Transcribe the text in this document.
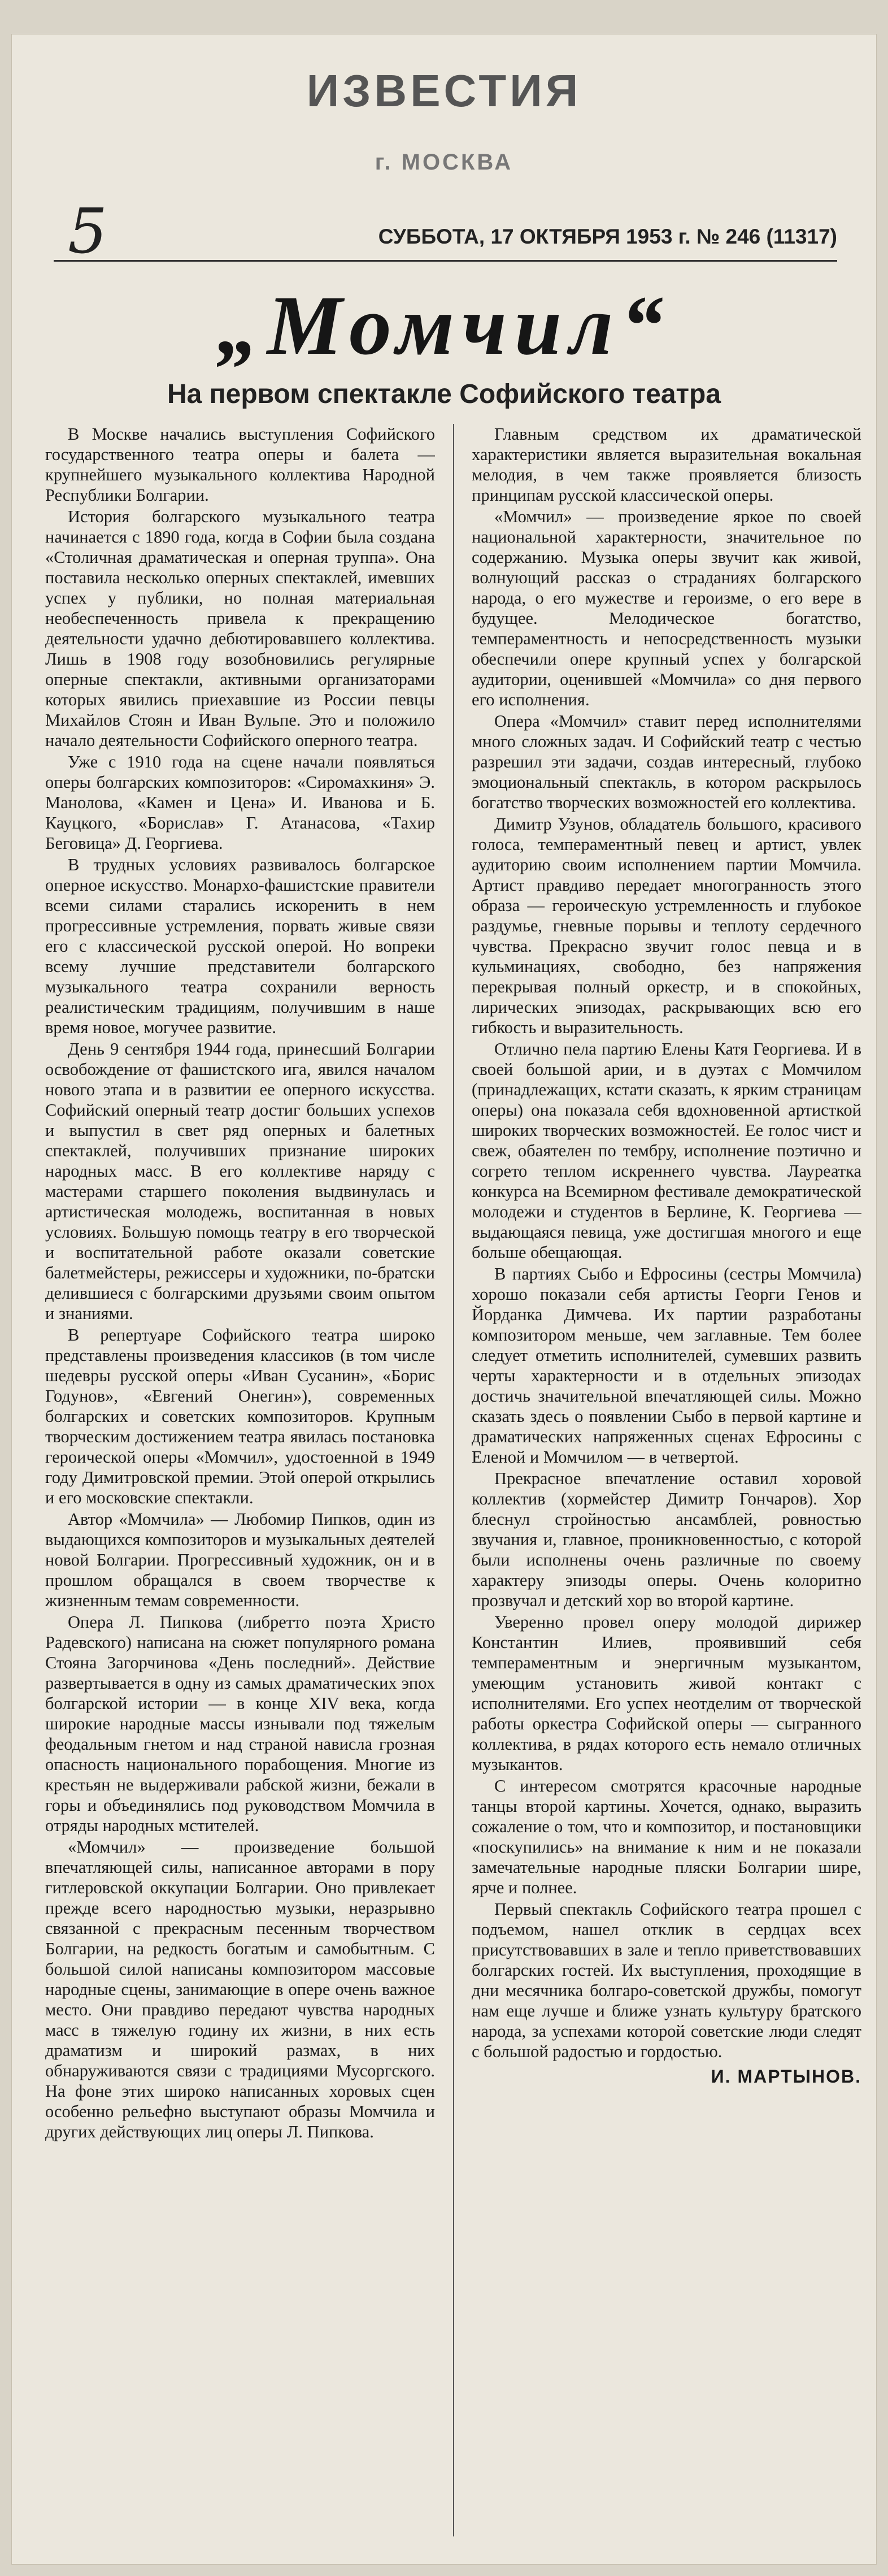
ИЗВЕСТИЯ
г. МОСКВА
5	СУББОТА, 17 ОКТЯБРЯ 1953 г. № 246 (11317)
„Момчил“
На первом спектакле Софийского театра

В Москве начались выступления Софийского государственного театра оперы и балета — крупнейшего музыкального коллектива Народной Республики Болгарии.

История болгарского музыкального театра начинается с 1890 года, когда в Софии была создана «Столичная драматическая и оперная труппа». Она поставила несколько оперных спектаклей, имевших успех у публики, но полная материальная необеспеченность привела к прекращению деятельности удачно дебютировавшего коллектива. Лишь в 1908 году возобновились регулярные оперные спектакли, активными организаторами которых явились приехавшие из России певцы Михайлов Стоян и Иван Вульпе. Это и положило начало деятельности Софийского оперного театра.

Уже с 1910 года на сцене начали появляться оперы болгарских композиторов: «Сиромахкиня» Э. Манолова, «Камен и Цена» И. Иванова и Б. Кауцкого, «Борислав» Г. Атанасова, «Тахир Беговица» Д. Георгиева.

В трудных условиях развивалось болгарское оперное искусство. Монархо-фашистские правители всеми силами старались искоренить в нем прогрессивные устремления, порвать живые связи его с классической русской оперой. Но вопреки всему лучшие представители болгарского музыкального театра сохранили верность реалистическим традициям, получившим в наше время новое, могучее развитие.

День 9 сентября 1944 года, принесший Болгарии освобождение от фашистского ига, явился началом нового этапа и в развитии ее оперного искусства. Софийский оперный театр достиг больших успехов и выпустил в свет ряд оперных и балетных спектаклей, получивших признание широких народных масс. В его коллективе наряду с мастерами старшего поколения выдвинулась и артистическая молодежь, воспитанная в новых условиях. Большую помощь театру в его творческой и воспитательной работе оказали советские балетмейстеры, режиссеры и художники, по-братски делившиеся с болгарскими друзьями своим опытом и знаниями.

В репертуаре Софийского театра широко представлены произведения классиков (в том числе шедевры русской оперы «Иван Сусанин», «Борис Годунов», «Евгений Онегин»), современных болгарских и советских композиторов. Крупным творческим достижением театра явилась постановка героической оперы «Момчил», удостоенной в 1949 году Димитровской премии. Этой оперой открылись и его московские спектакли.

Автор «Момчила» — Любомир Пипков, один из выдающихся композиторов и музыкальных деятелей новой Болгарии. Прогрессивный художник, он и в прошлом обращался в своем творчестве к жизненным темам современности.

Опера Л. Пипкова (либретто поэта Христо Радевского) написана на сюжет популярного романа Стояна Загорчинова «День последний». Действие развертывается в одну из самых драматических эпох болгарской истории — в конце XIV века, когда широкие народные массы изнывали под тяжелым феодальным гнетом и над страной нависла грозная опасность национального порабощения. Многие из крестьян не выдерживали рабской жизни, бежали в горы и объединялись под руководством Момчила в отряды народных мстителей.

«Момчил» — произведение большой впечатляющей силы, написанное авторами в пору гитлеровской оккупации Болгарии. Оно привлекает прежде всего народностью музыки, неразрывно связанной с прекрасным песенным творчеством Болгарии, на редкость богатым и самобытным. С большой силой написаны композитором массовые народные сцены, занимающие в опере очень важное место. Они правдиво передают чувства народных масс в тяжелую годину их жизни, в них есть драматизм и широкий размах, в них обнаруживаются связи с традициями Мусоргского. На фоне этих широко написанных хоровых сцен особенно рельефно выступают образы Момчила и других действующих лиц оперы Л. Пипкова.

Главным средством их драматической характеристики является выразительная вокальная мелодия, в чем также проявляется близость принципам русской классической оперы.

«Момчил» — произведение яркое по своей национальной характерности, значительное по содержанию. Музыка оперы звучит как живой, волнующий рассказ о страданиях болгарского народа, о его мужестве и героизме, о его вере в будущее. Мелодическое богатство, темпераментность и непосредственность музыки обеспечили опере крупный успех у болгарской аудитории, оценившей «Момчила» со дня первого его исполнения.

Опера «Момчил» ставит перед исполнителями много сложных задач. И Софийский театр с честью разрешил эти задачи, создав интересный, глубоко эмоциональный спектакль, в котором раскрылось богатство творческих возможностей его коллектива.

Димитр Узунов, обладатель большого, красивого голоса, темпераментный певец и артист, увлек аудиторию своим исполнением партии Момчила. Артист правдиво передает многогранность этого образа — героическую устремленность и глубокое раздумье, гневные порывы и теплоту сердечного чувства. Прекрасно звучит голос певца и в кульминациях, свободно, без напряжения перекрывая полный оркестр, и в спокойных, лирических эпизодах, раскрывающих всю его гибкость и выразительность.

Отлично пела партию Елены Катя Георгиева. И в своей большой арии, и в дуэтах с Момчилом (принадлежащих, кстати сказать, к ярким страницам оперы) она показала себя вдохновенной артисткой широких творческих возможностей. Ее голос чист и свеж, обаятелен по тембру, исполнение поэтично и согрето теплом искреннего чувства. Лауреатка конкурса на Всемирном фестивале демократической молодежи и студентов в Берлине, К. Георгиева — выдающаяся певица, уже достигшая многого и еще больше обещающая.

В партиях Сыбо и Ефросины (сестры Момчила) хорошо показали себя артисты Георги Генов и Йорданка Димчева. Их партии разработаны композитором меньше, чем заглавные. Тем более следует отметить исполнителей, сумевших развить черты характерности и в отдельных эпизодах достичь значительной впечатляющей силы. Можно сказать здесь о появлении Сыбо в первой картине и драматических напряженных сценах Ефросины с Еленой и Момчилом — в четвертой.

Прекрасное впечатление оставил хоровой коллектив (хормейстер Димитр Гончаров). Хор блеснул стройностью ансамблей, ровностью звучания и, главное, проникновенностью, с которой были исполнены очень различные по своему характеру эпизоды оперы. Очень колоритно прозвучал и детский хор во второй картине.

Уверенно провел оперу молодой дирижер Константин Илиев, проявивший себя темпераментным и энергичным музыкантом, умеющим установить живой контакт с исполнителями. Его успех неотделим от творческой работы оркестра Софийской оперы — сыгранного коллектива, в рядах которого есть немало отличных музыкантов.

С интересом смотрятся красочные народные танцы второй картины. Хочется, однако, выразить сожаление о том, что и композитор, и постановщики «поскупились» на внимание к ним и не показали замечательные народные пляски Болгарии шире, ярче и полнее.

Первый спектакль Софийского театра прошел с подъемом, нашел отклик в сердцах всех присутствовавших в зале и тепло приветствовавших болгарских гостей. Их выступления, проходящие в дни месячника болгаро-советской дружбы, помогут нам еще лучше и ближе узнать культуру братского народа, за успехами которой советские люди следят с большой радостью и гордостью.

И. МАРТЫНОВ.
